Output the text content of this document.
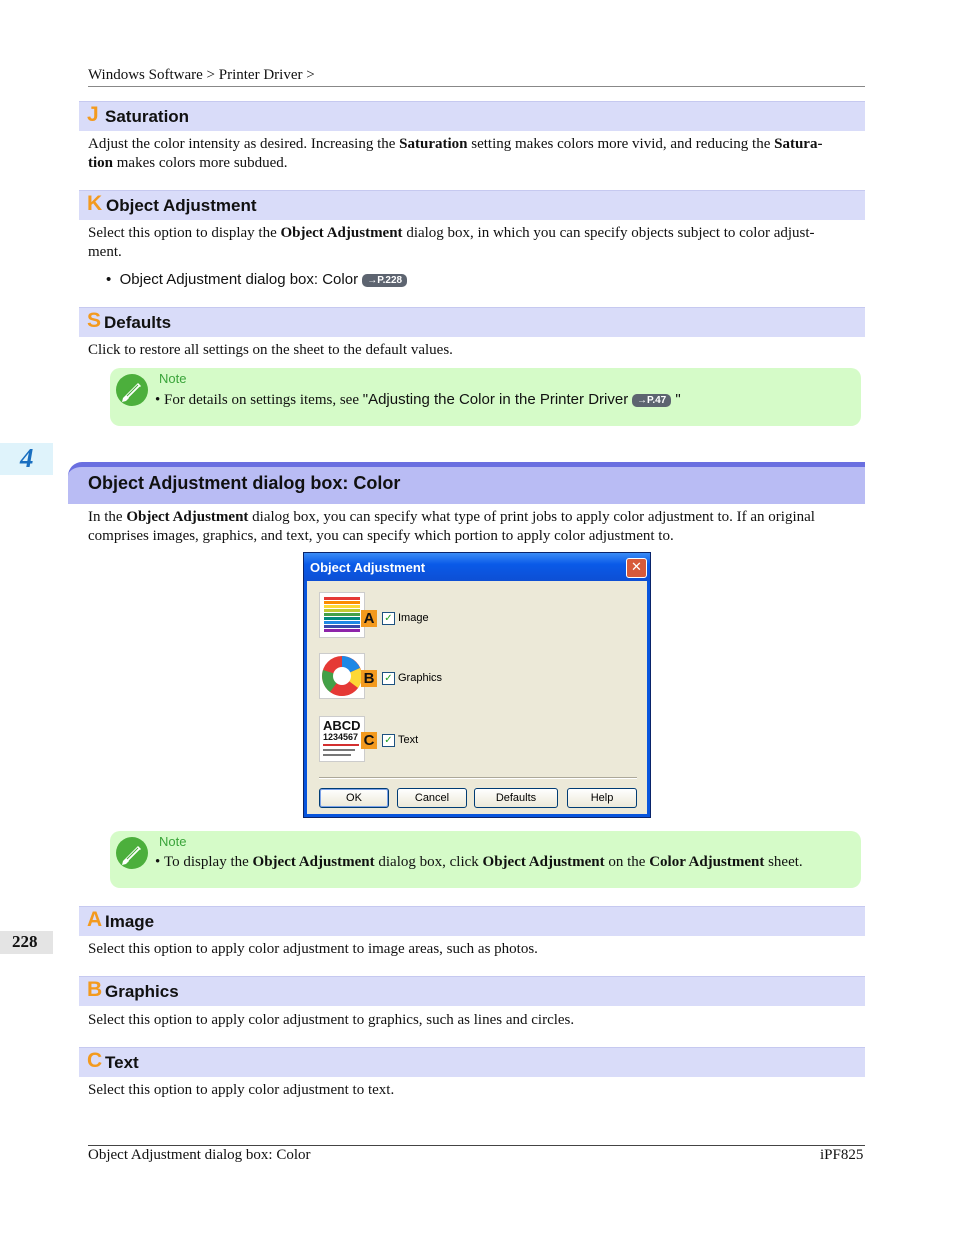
Windows Software > Printer Driver >
J Saturation
Adjust the color intensity as desired. Increasing the Saturation setting makes colors more vivid, and reducing the Satura-
tion makes colors more subdued.
K Object Adjustment
Select this option to display the Object Adjustment dialog box, in which you can specify objects subject to color adjust-
ment.
• Object Adjustment dialog box: Color →P.228
S Defaults
Click to restore all settings on the sheet to the default values.
Note
• For details on settings items, see "Adjusting the Color in the Printer Driver →P.47 "
4
Object Adjustment dialog box: Color
In the Object Adjustment dialog box, you can specify what type of print jobs to apply color adjustment to. If an original
comprises images, graphics, and text, you can specify which portion to apply color adjustment to.
Object Adjustment	✕
A ✓ Image
B ✓ Graphics
ABCD
1234567 C ✓ Text
OK	Cancel	Defaults	Help
Note
• To display the Object Adjustment dialog box, click Object Adjustment on the Color Adjustment sheet.
228
A Image
Select this option to apply color adjustment to image areas, such as photos.
B Graphics
Select this option to apply color adjustment to graphics, such as lines and circles.
C Text
Select this option to apply color adjustment to text.
Object Adjustment dialog box: Color	iPF825
